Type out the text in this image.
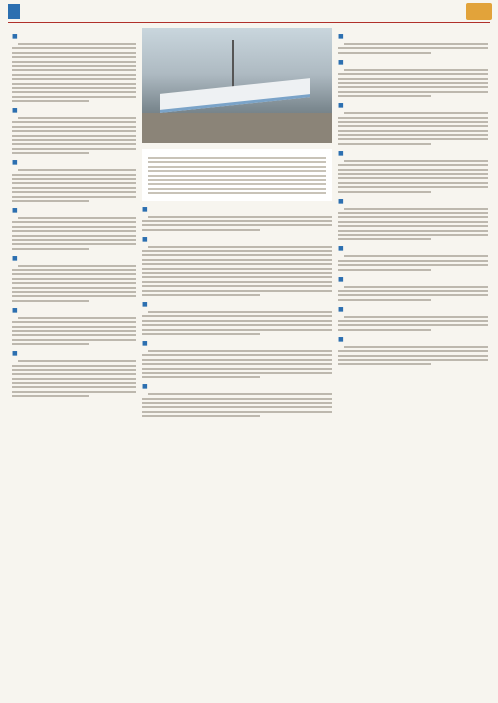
■
■
■
■
■
■
■
■
■
■
■
■
■
■
■
■
■
■
■
■
■
